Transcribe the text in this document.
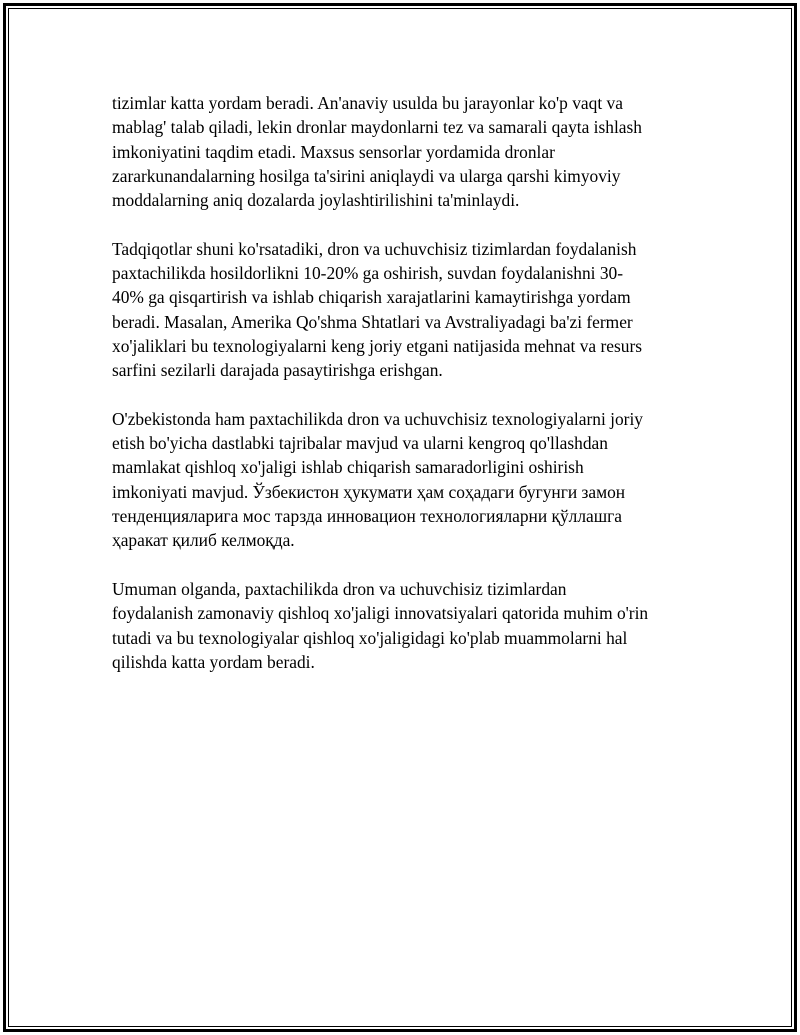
tizimlar katta yordam beradi. An'anaviy usulda bu jarayonlar ko'p vaqt va
mablag' talab qiladi, lekin dronlar maydonlarni tez va samarali qayta ishlash
imkoniyatini taqdim etadi. Maxsus sensorlar yordamida dronlar
zararkunandalarning hosilga ta'sirini aniqlaydi va ularga qarshi kimyoviy
moddalarning aniq dozalarda joylashtirilishini ta'minlaydi.

Tadqiqotlar shuni ko'rsatadiki, dron va uchuvchisiz tizimlardan foydalanish
paxtachilikda hosildorlikni 10-20% ga oshirish, suvdan foydalanishni 30-
40% ga qisqartirish va ishlab chiqarish xarajatlarini kamaytirishga yordam
beradi. Masalan, Amerika Qo'shma Shtatlari va Avstraliyadagi ba'zi fermer
xo'jaliklari bu texnologiyalarni keng joriy etgani natijasida mehnat va resurs
sarfini sezilarli darajada pasaytirishga erishgan.

O'zbekistonda ham paxtachilikda dron va uchuvchisiz texnologiyalarni joriy
etish bo'yicha dastlabki tajribalar mavjud va ularni kengroq qo'llashdan
mamlakat qishloq xo'jaligi ishlab chiqarish samaradorligini oshirish
imkoniyati mavjud. Ўзбекистон ҳукумати ҳам соҳадаги бугунги замон
тенденцияларига мос тарзда инновацион технологияларни қўллашга
ҳаракат қилиб келмоқда.

Umuman olganda, paxtachilikda dron va uchuvchisiz tizimlardan
foydalanish zamonaviy qishloq xo'jaligi innovatsiyalari qatorida muhim o'rin
tutadi va bu texnologiyalar qishloq xo'jaligidagi ko'plab muammolarni hal
qilishda katta yordam beradi.
